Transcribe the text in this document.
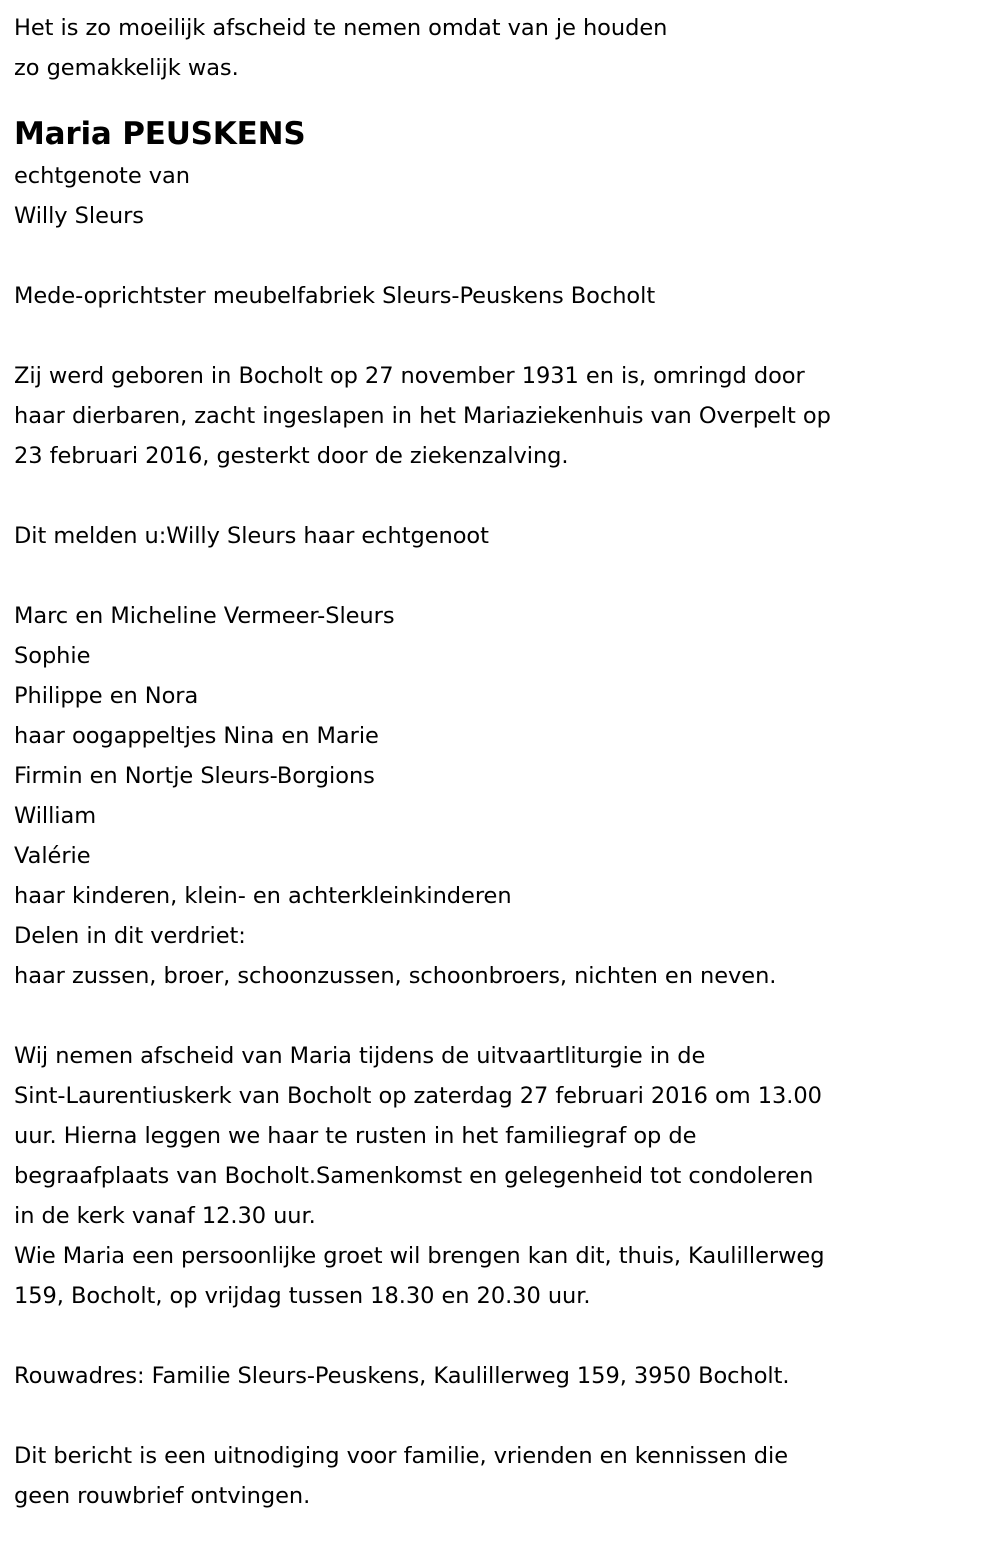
Het is zo moeilijk afscheid te nemen omdat van je houden
zo gemakkelijk was.
Maria PEUSKENS
echtgenote van
Willy Sleurs
Mede-oprichtster meubelfabriek Sleurs-Peuskens Bocholt
Zij werd geboren in Bocholt op 27 november 1931 en is, omringd door
haar dierbaren, zacht ingeslapen in het Mariaziekenhuis van Overpelt op
23 februari 2016, gesterkt door de ziekenzalving.
Dit melden u:Willy Sleurs haar echtgenoot
Marc en Micheline Vermeer-Sleurs
Sophie
Philippe en Nora
haar oogappeltjes Nina en Marie
Firmin en Nortje Sleurs-Borgions
William
Valérie
haar kinderen, klein- en achterkleinkinderen
Delen in dit verdriet:
haar zussen, broer, schoonzussen, schoonbroers, nichten en neven.
Wij nemen afscheid van Maria tijdens de uitvaartliturgie in de
Sint-Laurentiuskerk van Bocholt op zaterdag 27 februari 2016 om 13.00
uur. Hierna leggen we haar te rusten in het familiegraf op de
begraafplaats van Bocholt.Samenkomst en gelegenheid tot condoleren
in de kerk vanaf 12.30 uur.
Wie Maria een persoonlijke groet wil brengen kan dit, thuis, Kaulillerweg
159, Bocholt, op vrijdag tussen 18.30 en 20.30 uur.
Rouwadres: Familie Sleurs-Peuskens, Kaulillerweg 159, 3950 Bocholt.
Dit bericht is een uitnodiging voor familie, vrienden en kennissen die
geen rouwbrief ontvingen.
